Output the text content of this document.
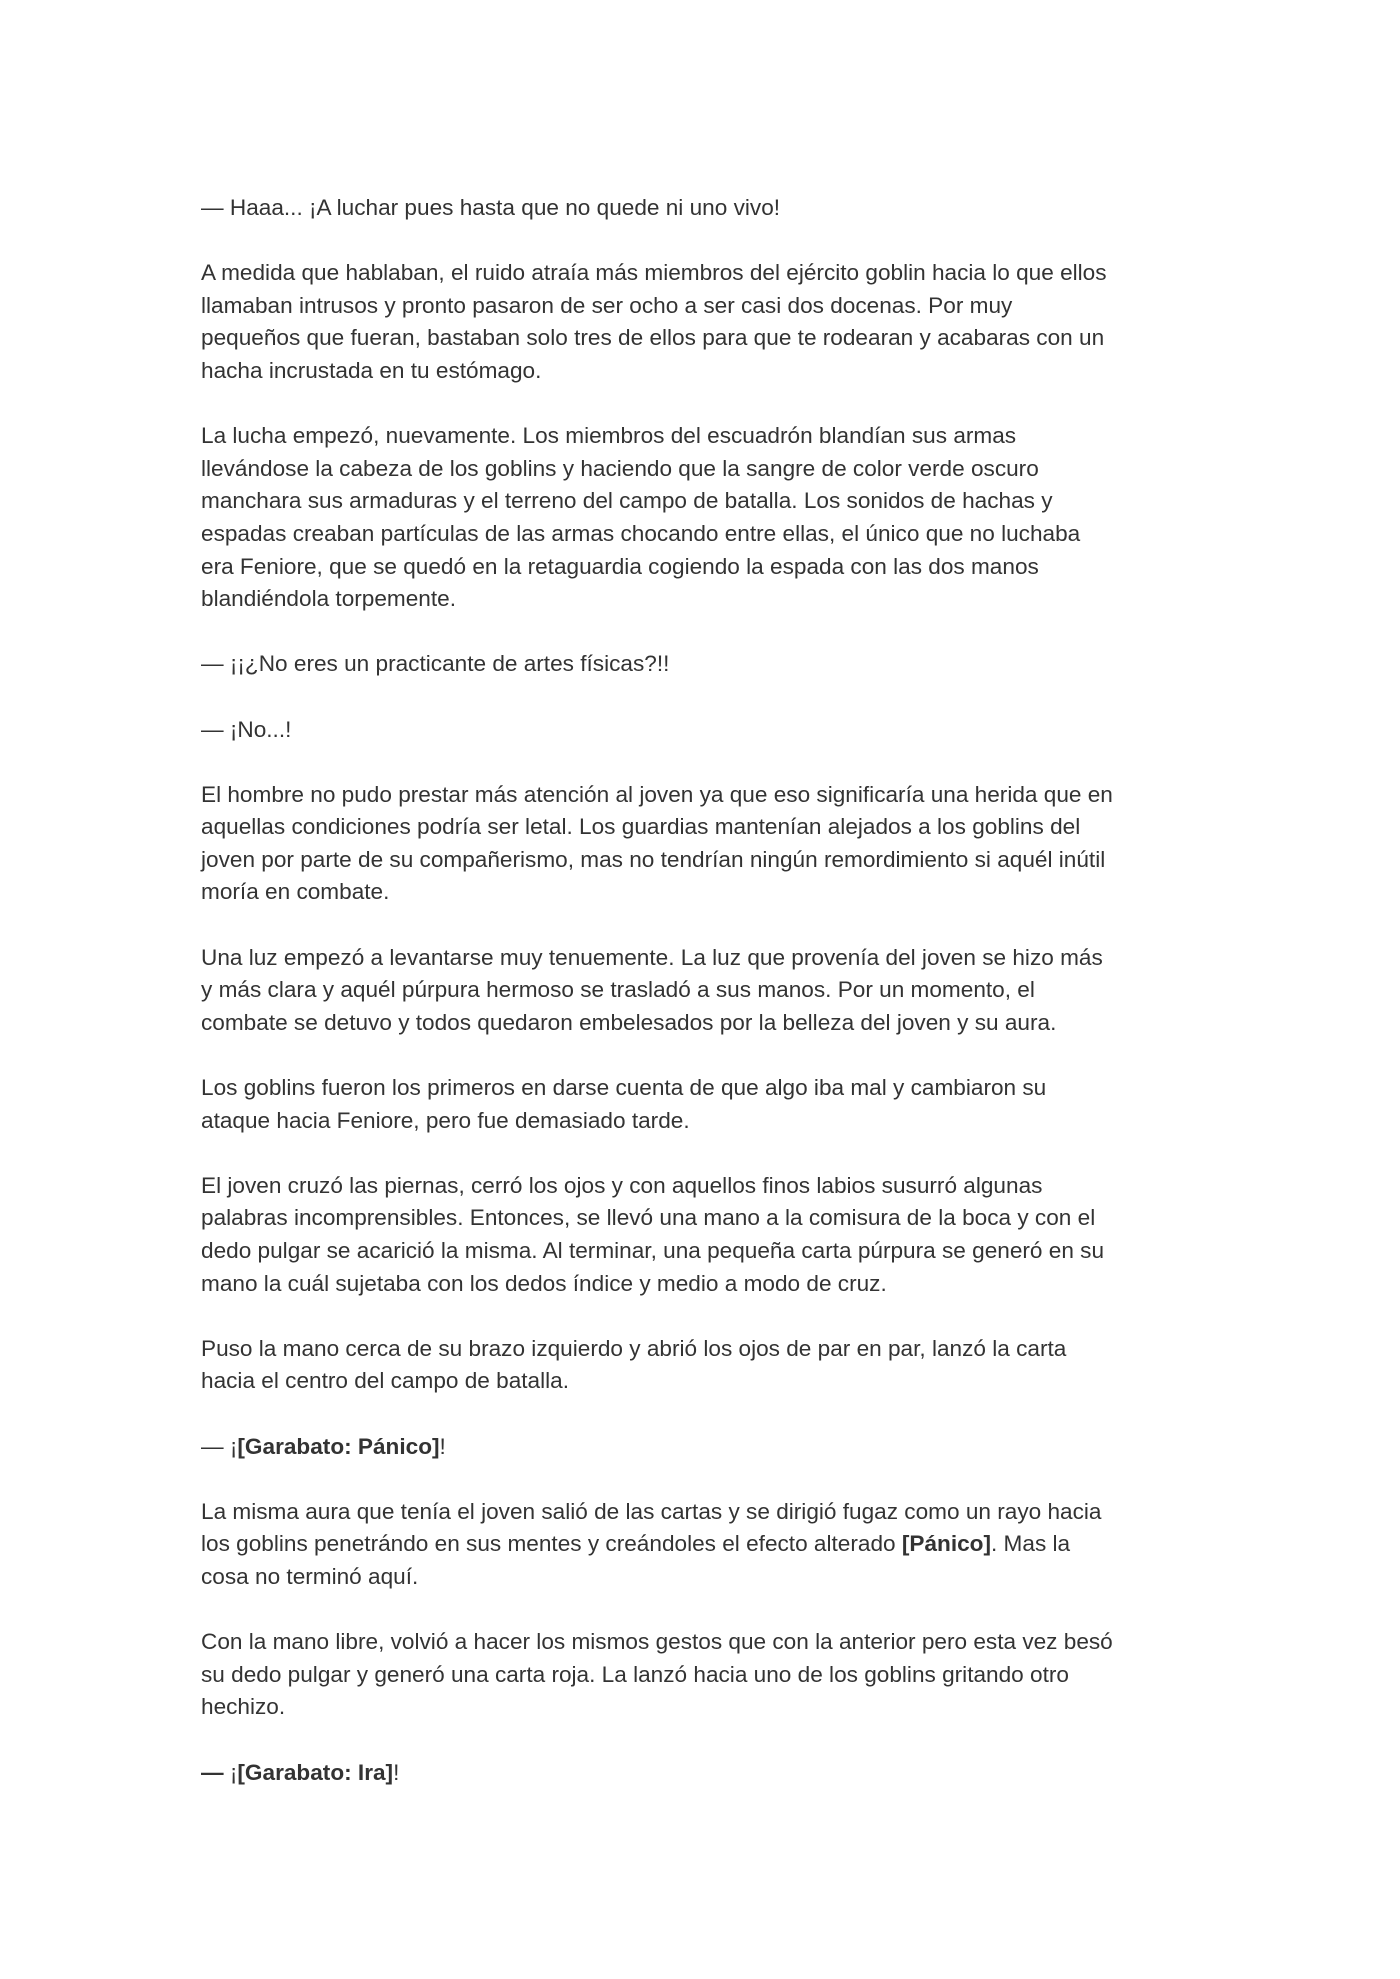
— Haaa... ¡A luchar pues hasta que no quede ni uno vivo!

A medida que hablaban, el ruido atraía más miembros del ejército goblin hacia lo que ellos
llamaban intrusos y pronto pasaron de ser ocho a ser casi dos docenas. Por muy
pequeños que fueran, bastaban solo tres de ellos para que te rodearan y acabaras con un
hacha incrustada en tu estómago.

La lucha empezó, nuevamente. Los miembros del escuadrón blandían sus armas
llevándose la cabeza de los goblins y haciendo que la sangre de color verde oscuro
manchara sus armaduras y el terreno del campo de batalla. Los sonidos de hachas y
espadas creaban partículas de las armas chocando entre ellas, el único que no luchaba
era Feniore, que se quedó en la retaguardia cogiendo la espada con las dos manos
blandiéndola torpemente.

— ¡¡¿No eres un practicante de artes físicas?!!

— ¡No...!

El hombre no pudo prestar más atención al joven ya que eso significaría una herida que en
aquellas condiciones podría ser letal. Los guardias mantenían alejados a los goblins del
joven por parte de su compañerismo, mas no tendrían ningún remordimiento si aquél inútil
moría en combate.

Una luz empezó a levantarse muy tenuemente. La luz que provenía del joven se hizo más
y más clara y aquél púrpura hermoso se trasladó a sus manos. Por un momento, el
combate se detuvo y todos quedaron embelesados por la belleza del joven y su aura.

Los goblins fueron los primeros en darse cuenta de que algo iba mal y cambiaron su
ataque hacia Feniore, pero fue demasiado tarde.

El joven cruzó las piernas, cerró los ojos y con aquellos finos labios susurró algunas
palabras incomprensibles. Entonces, se llevó una mano a la comisura de la boca y con el
dedo pulgar se acarició la misma. Al terminar, una pequeña carta púrpura se generó en su
mano la cuál sujetaba con los dedos índice y medio a modo de cruz.

Puso la mano cerca de su brazo izquierdo y abrió los ojos de par en par, lanzó la carta
hacia el centro del campo de batalla.

— ¡[Garabato: Pánico]!

La misma aura que tenía el joven salió de las cartas y se dirigió fugaz como un rayo hacia
los goblins penetrándo en sus mentes y creándoles el efecto alterado [Pánico]. Mas la
cosa no terminó aquí.

Con la mano libre, volvió a hacer los mismos gestos que con la anterior pero esta vez besó
su dedo pulgar y generó una carta roja. La lanzó hacia uno de los goblins gritando otro
hechizo.

— ¡[Garabato: Ira]!
